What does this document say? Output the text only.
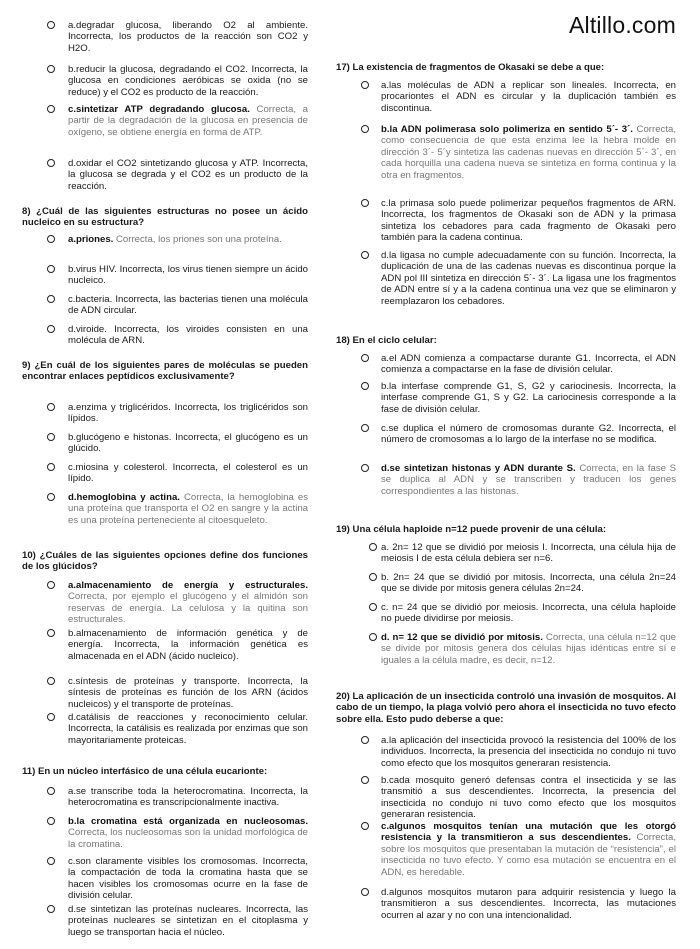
Altillo.com
a.degradar glucosa, liberando O2 al ambiente. Incorrecta, los productos de la reacción son CO2 y H2O.
b.reducir la glucosa, degradando el CO2. Incorrecta, la glucosa en condiciones aeróbicas se oxida (no se reduce) y el CO2 es producto de la reacción.
c.sintetizar ATP degradando glucosa. Correcta, a partir de la degradación de la glucosa en presencia de oxígeno, se obtiene energía en forma de ATP.
d.oxidar el CO2 sintetizando glucosa y ATP. Incorrecta, la glucosa se degrada y el CO2 es un producto de la reacción.
8) ¿Cuál de las siguientes estructuras no posee un ácido nucleico en su estructura?
a.priones. Correcta, los priones son una proteína.
b.virus HIV. Incorrecta, los virus tienen siempre un ácido nucleico.
c.bacteria. Incorrecta, las bacterias tienen una molécula de ADN circular.
d.viroide. Incorrecta, los viroides consisten en una molécula de ARN.
9) ¿En cuál de los siguientes pares de moléculas se pueden encontrar enlaces peptídicos exclusivamente?
a.enzima y triglicéridos. Incorrecta, los triglicéridos son lípidos.
b.glucógeno e histonas. Incorrecta, el glucógeno es un glúcido.
c.miosina y colesterol. Incorrecta, el colesterol es un lípido.
d.hemoglobina y actina. Correcta, la hemoglobina es una proteína que transporta el O2 en sangre y la actina es una proteína perteneciente al citoesqueleto.
10) ¿Cuáles de las siguientes opciones define dos funciones de los glúcidos?
a.almacenamiento de energía y estructurales. Correcta, por ejemplo el glucógeno y el almidón son reservas de energía. La celulosa y la quitina son estructurales.
b.almacenamiento de información genética y de energía. Incorrecta, la información genética es almacenada en el ADN (ácido nucleico).
c.síntesis de proteínas y transporte. Incorrecta, la síntesis de proteínas es función de los ARN (ácidos nucleicos) y el transporte de proteínas.
d.catálisis de reacciones y reconocimiento celular. Incorrecta, la catálisis es realizada por enzimas que son mayoritariamente proteicas.
11) En un núcleo interfásico de una célula eucarionte:
a.se transcribe toda la heterocromatina. Incorrecta, la heterocromatina es transcripcionalmente inactiva.
b.la cromatina está organizada en nucleosomas. Correcta, los nucleosomas son la unidad morfológica de la cromatina.
c.son claramente visibles los cromosomas. Incorrecta, la compactación de toda la cromatina hasta que se hacen visibles los cromosomas ocurre en la fase de división celular.
d.se sintetizan las proteínas nucleares. Incorrecta, las proteínas nucleares se sintetizan en el citoplasma y luego se transportan hacia el núcleo.
17) La existencia de fragmentos de Okasaki se debe a que:
a.las moléculas de ADN a replicar son lineales. Incorrecta, en procariontes el ADN es circular y la duplicación también es discontinua.
b.la ADN polimerasa solo polimeriza en sentido 5´- 3´. Correcta, como consecuencia de que esta enzima lee la hebra molde en dirección 3´- 5´y sintetiza las cadenas nuevas en dirección 5´- 3´, en cada horquilla una cadena nueva se sintetiza en forma continua y la otra en fragmentos.
c.la primasa solo puede polimerizar pequeños fragmentos de ARN. Incorrecta, los fragmentos de Okasaki son de ADN y la primasa sintetiza los cebadores para cada fragmento de Okasaki pero también para la cadena continua.
d.la ligasa no cumple adecuadamente con su función. Incorrecta, la duplicación de una de las cadenas nuevas es discontinua porque la ADN pol III sintetiza en dirección 5´- 3´. La ligasa une los fragmentos de ADN entre sí y a la cadena continua una vez que se eliminaron y reemplazaron los cebadores.
18) En el ciclo celular:
a.el ADN comienza a compactarse durante G1. Incorrecta, el ADN comienza a compactarse en la fase de división celular.
b.la interfase comprende G1, S, G2 y cariocinesis. Incorrecta, la interfase comprende G1, S y G2. La cariocinesis corresponde a la fase de división celular.
c.se duplica el número de cromosomas durante G2. Incorrecta, el número de cromosomas a lo largo de la interfase no se modifica.
d.se sintetizan histonas y ADN durante S. Correcta, en la fase S se duplica al ADN y se transcriben y traducen los genes correspondientes a las histonas.
19) Una célula haploide n=12 puede provenir de una célula:
a. 2n= 12 que se dividió por meiosis I. Incorrecta, una célula hija de meiosis I de esta célula debiera ser n=6.
b. 2n= 24 que se dividió por mitosis. Incorrecta, una célula 2n=24 que se divide por mitosis genera células 2n=24.
c. n= 24 que se dividió por meiosis. Incorrecta, una célula haploide no puede dividirse por meiosis.
d. n= 12 que se dividió por mitosis. Correcta, una célula n=12 que se divide por mitosis genera dos células hijas idénticas entre sí e iguales a la célula madre, es decir, n=12.
20) La aplicación de un insecticida controló una invasión de mosquitos. Al cabo de un tiempo, la plaga volvió pero ahora el insecticida no tuvo efecto sobre ella. Esto pudo deberse a que:
a.la aplicación del insecticida provocó la resistencia del 100% de los individuos. Incorrecta, la presencia del insecticida no condujo ni tuvo como efecto que los mosquitos generaran resistencia.
b.cada mosquito generó defensas contra el insecticida y se las transmitió a sus descendientes. Incorrecta, la presencia del insecticida no condujo ni tuvo como efecto que los mosquitos generaran resistencia.
c.algunos mosquitos tenían una mutación que les otorgó resistencia y la transmitieron a sus descendientes. Correcta, sobre los mosquitos que presentaban la mutación de “resistencia”, el insecticida no tuvo efecto. Y como esa mutación se encuentra en el ADN, es heredable.
d.algunos mosquitos mutaron para adquirir resistencia y luego la transmitieron a sus descendientes. Incorrecta, las mutaciones ocurren al azar y no con una intencionalidad.
